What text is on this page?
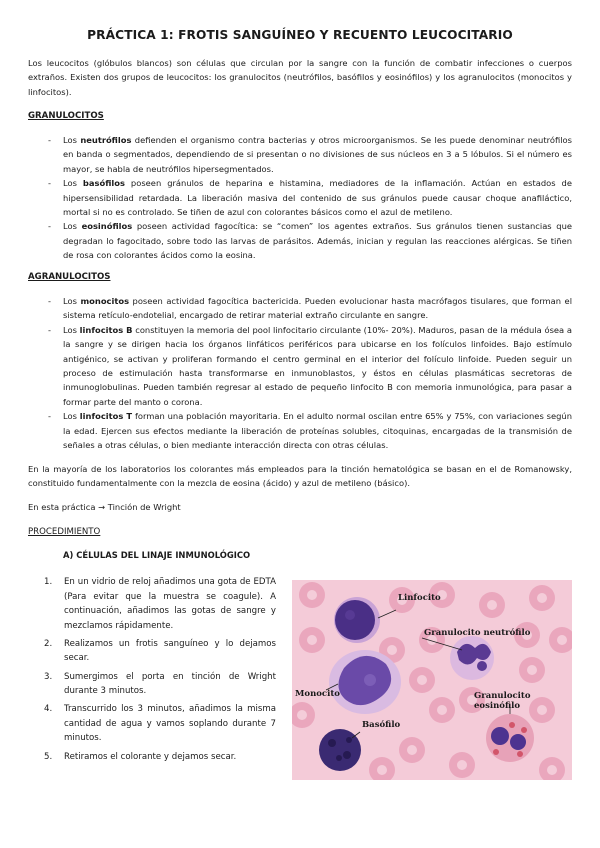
PRÁCTICA 1: FROTIS SANGUÍNEO Y RECUENTO LEUCOCITARIO
Los leucocitos (glóbulos blancos) son células que circulan por la sangre con la función de combatir infecciones o cuerpos extraños. Existen dos grupos de leucocitos: los granulocitos (neutrófilos, basófilos y eosinófilos) y los agranulocitos (monocitos y linfocitos).
GRANULOCITOS
- Los neutrófilos defienden el organismo contra bacterias y otros microorganismos. Se les puede denominar neutrófilos en banda o segmentados, dependiendo de si presentan o no divisiones de sus núcleos en 3 a 5 lóbulos. Si el número es mayor, se habla de neutrófilos hipersegmentados.
- Los basófilos poseen gránulos de heparina e histamina, mediadores de la inflamación. Actúan en estados de hipersensibilidad retardada. La liberación masiva del contenido de sus gránulos puede causar choque anafiláctico, mortal si no es controlado. Se tiñen de azul con colorantes básicos como el azul de metileno.
- Los eosinófilos poseen actividad fagocítica: se “comen” los agentes extraños. Sus gránulos tienen sustancias que degradan lo fagocitado, sobre todo las larvas de parásitos. Además, inician y regulan las reacciones alérgicas. Se tiñen de rosa con colorantes ácidos como la eosina.
AGRANULOCITOS
- Los monocitos poseen actividad fagocítica bactericida. Pueden evolucionar hasta macrófagos tisulares, que forman el sistema retículo-endotelial, encargado de retirar material extraño circulante en sangre.
- Los linfocitos B constituyen la memoria del pool linfocitario circulante (10%- 20%). Maduros, pasan de la médula ósea a la sangre y se dirigen hacia los órganos linfáticos periféricos para ubicarse en los folículos linfoides. Bajo estímulo antigénico, se activan y proliferan formando el centro germinal en el interior del folículo linfoide. Pueden seguir un proceso de estimulación hasta transformarse en inmunoblastos, y éstos en células plasmáticas secretoras de inmunoglobulinas. Pueden también regresar al estado de pequeño linfocito B con memoria inmunológica, para pasar a formar parte del manto o corona.
- Los linfocitos T forman una población mayoritaria. En el adulto normal oscilan entre 65% y 75%, con variaciones según la edad. Ejercen sus efectos mediante la liberación de proteínas solubles, citoquinas, encargadas de la transmisión de señales a otras células, o bien mediante interacción directa con otras células.
En la mayoría de los laboratorios los colorantes más empleados para la tinción hematológica se basan en el de Romanowsky, constituido fundamentalmente con la mezcla de eosina (ácido) y azul de metileno (básico).
En esta práctica → Tinción de Wright
PROCEDIMIENTO
A) CÉLULAS DEL LINAJE INMUNOLÓGICO
1. En un vidrio de reloj añadimos una gota de EDTA (Para evitar que la muestra se coagule). A continuación, añadimos las gotas de sangre y mezclamos rápidamente.
2. Realizamos un frotis sanguíneo y lo dejamos secar.
3. Sumergimos el porta en tinción de Wright durante 3 minutos.
4. Transcurrido los 3 minutos, añadimos la misma cantidad de agua y vamos soplando durante 7 minutos.
5. Retiramos el colorante y dejamos secar.
Linfocito
Granulocito neutrófilo
Monocito
Basófilo
Granulocito eosinófilo
